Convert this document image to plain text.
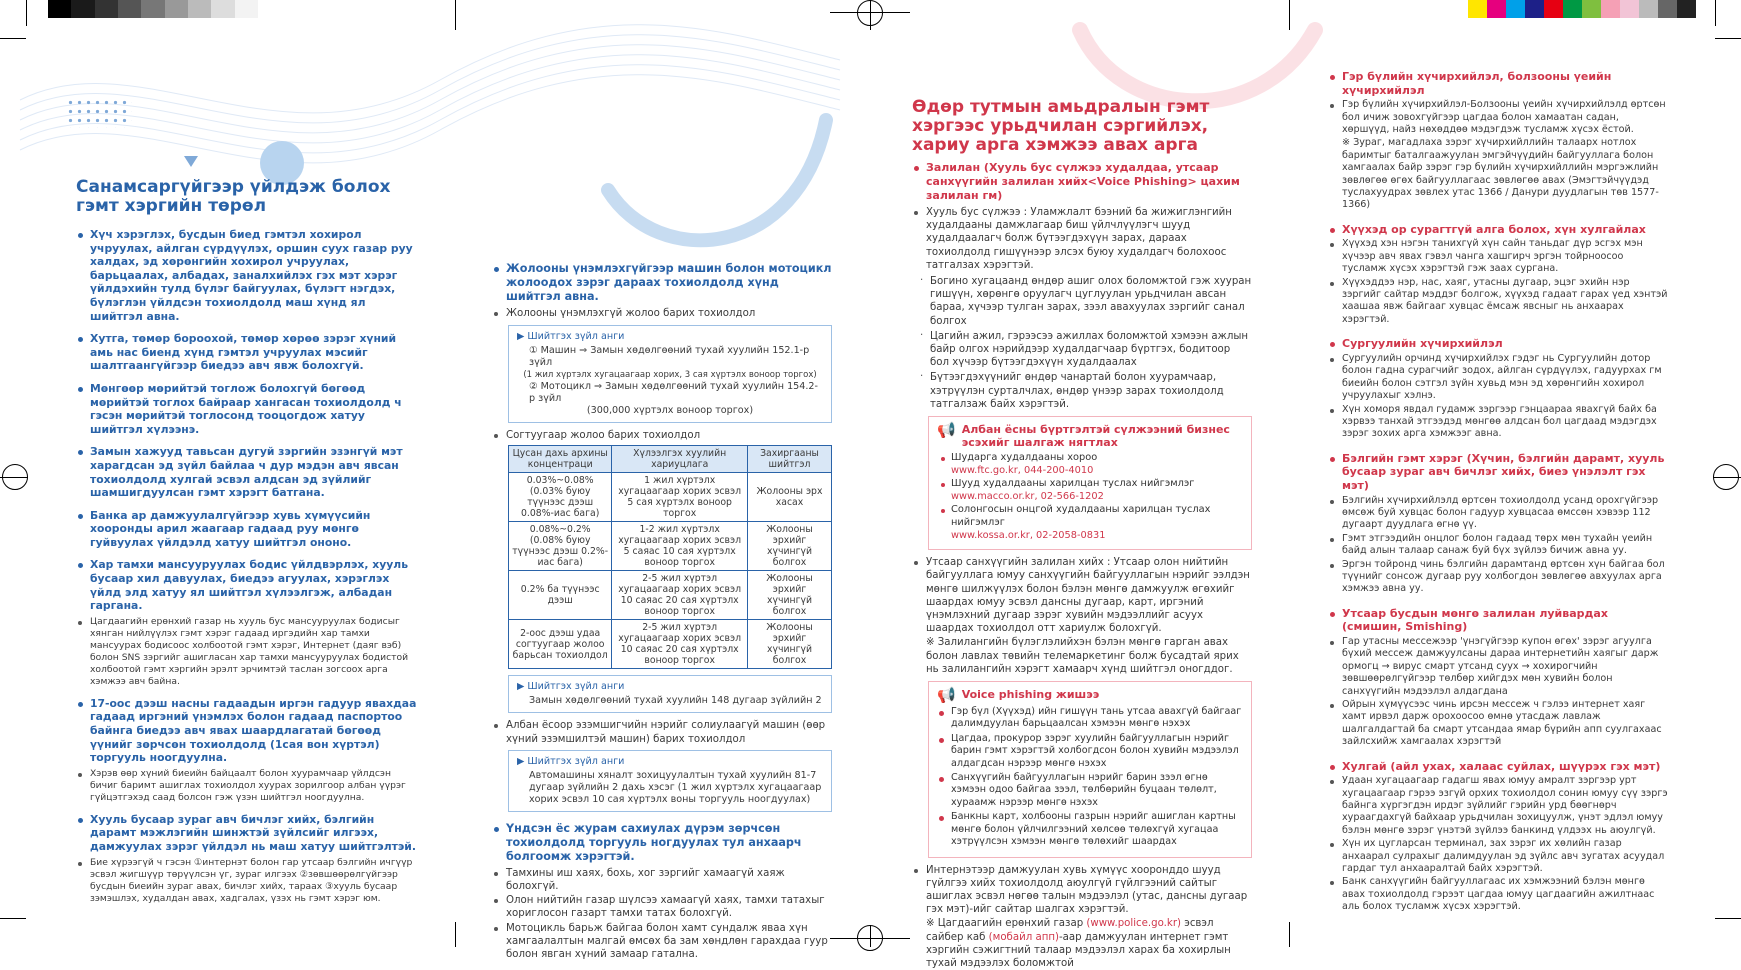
Санамсаргүйгээр үйлдэж болох гэмт хэргийн төрөл
Хүч хэрэглэх, бусдын биед гэмтэл хохирол учруулах, айлган сүрдүүлэх, оршин суух газар руу халдах, эд хөрөнгийн хохирол учруулах, барьцаалах, албадах, заналхийлэх гэх мэт хэрэг үйлдэхийн тулд бүлэг байгуулах, бүлэгт нэгдэх, бүлэглэн үйлдсэн тохиолдолд маш хүнд ял шийтгэл авна.
Хутга, төмөр бороохой, төмөр хөрөө зэрэг хүний амь нас биенд хүнд гэмтэл учруулах мэсийг шалтгаангүйгээр биедээ авч явж болохгүй.
Мөнгөөр мөрийтэй тоглож болохгүй бөгөөд мөрийтэй тоглох байраар хангасан тохиолдолд ч гэсэн мөрийтэй тоглосонд тооцогдож хатуу шийтгэл хүлээнэ.
Замын хажууд тавьсан дугуй зэргийн эзэнгүй мэт харагдсан эд зүйл байлаа ч дур мэдэн авч явсан тохиолдолд хулгай эсвэл алдсан эд зүйлийг шамшигдуулсан гэмт хэрэгт батгана.
Банка ар дамжуулалгүйгээр хувь хүмүүсийн хооронды арил жаагаар гадаад руу мөнгө гуйвуулах үйлдэлд хатуу шийтгэл ононо.
Хар тамхи мансууруулах бодис үйлдвэрлэх, хууль бусаар хил давуулах, биедээ агуулах, хэрэглэх үйлд элд хатуу ял шийтгэл хүлээлгэж, албадан гаргана.
Цагдаагийн ерөнхий газар нь хууль бус мансууруулах бодисыг хянган нийлүүлэх гэмт хэрэг гадаад иргэдийн хар тамхи мансуурах бодисоос холбоотой гэмт хэрэг, Интернет (даяг вэб) болон SNS зэргийг ашигласан хар тамхи мансууруулах бодистой холбоотой гэмт хэргийн эрэлт эрчимтэй таслан зогсоох арга хэмжээ авч байна.
17-оос дээш насны гадаадын иргэн гадуур явахдаа гадаад иргэний үнэмлэх болон гадаад паспортоо байнга биедээ авч явах шаардлагатай бөгөөд үүнийг зөрчсөн тохиолдолд (1сая вон хүртэл) торгууль ноогдуулна.
Хэрэв өөр хүний биеийн байцаалт болон хуурамчаар үйлдсэн бичиг баримт ашиглах тохиолдол хуурах зорилгоор албан үүрэг гүйцэтгэхэд саад болсон гэж үзэн шийтгэл ноогдуулна.
Хууль бусаар зураг авч бичлэг хийх, бэлгийн дарамт мэжлэгийн шинжтэй зүйлсийг илгээх, дамжуулах зэрэг үйлдэл нь маш хатуу шийтгэлтэй.
Бие хүрээгүй ч гэсэн ①интернэт болон гар утсаар бэлгийн ичгүүр эсвэл жигшүүр төрүүлсэн үг, зураг илгээх ②зөвшөөрөлгүйгээр бусдын биеийн зураг авах, бичлэг хийх, тараах ③хууль бусаар зэмэшлэх, худалдан авах, хадгалах, үзэх нь гэмт хэрэг юм.
Жолооны үнэмлэхгүйгээр машин болон мотоцикл жолоодох зэрэг дараах тохиолдолд хүнд шийтгэл авна.
Жолооны үнэмлэхгүй жолоо барих тохиолдол
▶ Шийтгэх зүйл анги
① Машин ⇒ Замын хөдөлгөөний тухай хуулийн 152.1-р зүйл
(1 жил хүртэлх хугацаагаар хорих, 3 сая хүртэлх вонoор торгох)
② Мотоцикл ⇒ Замын хөдөлгөөний тухай хуулийн 154.2-р зүйл
(300,000 хүртэлх воноор торгох)
Согтуугаар жолоо барих тохиолдол
Цусан дахь архины концентраци	Хүлээлгэх хуулийн хариуцлага	Захиргааны шийтгэл
0.03%~0.08% (0.03% буюу түүнээс дээш 0.08%-иас бага)	1 жил хүртэлх хугацаагаар хорих эсвэл 5 сая хүртэлх воноор торгох	Жолооны эрх хасах
0.08%~0.2% (0.08% буюу түүнээс дээш 0.2%-иас бага)	1-2 жил хүртэлх хугацаагаар хорих эсвэл 5 саяас 10 сая хүртэлх воноор торгох	Жолооны эрхийг хүчингүй болгох
0.2% ба түүнээс дээш	2-5 жил хүртэл хугацаагаар хорих эсвэл 10 саяас 20 сая хүртэлх воноор торгох	Жолооны эрхийг хүчингүй болгох
2-оос дээш удаа согтуугаар жолоо барьсан тохиолдол	2-5 жил хүртэл хугацаагаар хорих эсвэл 10 саяас 20 сая хүртэлх воноор торгох	Жолооны эрхийг хүчингүй болгох
▶ Шийтгэх зүйл анги
Замын хөдөлгөөний тухай хуулийн 148 дугаар зүйлийн 2
Албан ёсоор эзэмшигчийн нэрийг солиулаагүй машин (өөр хүний эзэмшилтэй машин) барих тохиолдол
▶ Шийтгэх зүйл анги
Автомашины хяналт зохицуулалтын тухай хуулийн 81-7 дугаар зүйлийн 2 дахь хэсэг (1 жил хүртэлх хугацаагаар хорих эсвэл 10 сая хүртэлх воны торгууль ноогдуулах)
Үндсэн ёс журам сахиулах дүрэм зөрчсөн тохиолдолд торгууль ногдуулах тул анхаарч болгоомж хэрэгтэй.
Тамхины иш хаях, бохь, хог зэргийг хамаагүй хаяж болохгүй.
Олон нийтийн газар шүлсээ хамаагүй хаях, тамхи татахыг хориглосон газарт тамхи татах болохгүй.
Мотоцикль барьж байгаа болон хамт сундалж яваа хүн хамгаалалтын малгай өмсөх ба зам хөндлөн гарахдаа гуур болон явган хүний замаар гатална.
Өдөр тутмын амьдралын гэмт хэргээс урьдчилан сэргийлэх, хариу арга хэмжээ авах арга
Залилан (Хууль бус сүлжээ худалдаа, утсаар санхүүгийн залилан хийх<Voice Phishing> цахим залилан гм)
Хууль бус сүлжээ : Уламжлалт бээний ба жижиглэнгийн худалдааны дамжлагаар биш үйлчлүүлэгч шууд худалдаалагч болж бүтээгдэхүүн зарах, дараах тохиолдолд гишүүнээр элсэх буюу худалдагч болохоос татгалзах хэрэгтэй.
· Богино хугацаанд өндөр ашиг олох боломжтой гэж хууран гишүүн, хөрөнгө оруулагч цуглуулан урьдчилан авсан бараа, хүчээр тулган зарах, зээл авахуулах зэргийг санал болгох
· Цагийн ажил, гэрээсээ ажиллах боломжтой хэмээн ажлын байр олгох нэрийдээр худалдагчаар бүртгэх, бодитоор бол хүчээр бүтээгдэхүүн худалдаалах
· Бүтээгдэхүүнийг өндөр чанартай болон хуурамчаар, хэтрүүлэн сурталчлах, өндөр үнээр зарах тохиолдолд татгалзаж байх хэрэгтэй.
📢 Албан ёсны бүртгэлтэй сүлжээний бизнес эсэхийг шалгаж нягтлах
Шударга худалдааны хороо
www.ftc.go.kr, 044-200-4010
Шууд худалдааны харилцан туслах нийгэмлэг
www.macco.or.kr, 02-566-1202
Солонгосын онцгой худалдааны харилцан туслах нийгэмлэг
www.kossa.or.kr, 02-2058-0831
Утсаар санхүүгийн залилан хийх : Утсаар олон нийтийн байгууллага юмуу санхүүгийн байгууллагын нэрийг ээлдэн мөнгө шилжүүлэх болон бэлэн мөнгө дамжуулж өгөхийг шаардах юмуу эсвэл дансны дугаар, карт, иргэний үнэмлэхний дугаар зэрэг хувийн мэдээллийг асуух шаардах тохиолдол отт хариулж болохгүй.
※ Залилангийн бүлэглэлийхэн бэлэн мөнгө гарган авах болон лавлах төвийн телемаркетинг болж бусадтай ярих нь залилангийн хэрэгт хамаарч хүнд шийтгэл оногддог.
📢 Voice phishing жишээ
Гэр бүл (Хүүхэд) ийн гишүүн тань утсаа авахгүй байгааг далимдуулан барьцаалсан хэмээн мөнгө нэхэх
Цагдаа, прокурор зэрэг хуулийн байгууллагын нэрийг барин гэмт хэрэгтэй холбогдсон болон хувийн мэдээлэл алдагдсан нэрээр мөнгө нэхэх
Санхүүгийн байгууллагын нэрийг барин зээл өгнө хэмээн одоо байгаа зээл, төлбөрийн буцаан төлөлт, хураамж нэрээр мөнгө нэхэх
Банкны карт, холбооны газрын нэрийг ашиглан картны мөнгө болон үйлчилгээний хөлсөө төлөхгүй хугацаа хэтрүүлсэн хэмээн мөнгө төлөхийг шаардах
Интернэтээр дамжуулан хувь хүмүүс хооронддо шууд гүйлгээ хийх тохиолдолд аюулгүй гүйлгээний сайтыг ашиглах эсвэл нөгөө талын мэдээлэл (утас, дансны дугаар гэх мэт)-ийг сайтар шалгах хэрэгтэй.
※ Цагдаагийн ерөнхий газар (www.police.go.kr) эсвэл сайбер каб (мобайл апп)-аар дамжуулан интернет гэмт хэргийн сэжигтний талаар мэдээлэл харах ба хохирлын тухай мэдээлэх боломжтой
Гэр бүлийн хүчирхийлэл, болзооны үеийн хүчирхийлэл
Гэр бүлийн хүчирхийлэл-Болзооны үеийн хүчирхийлэлд өртсөн бол ичиж зовохгүйгээр цагдаа болон хамаатан садан, хөршүүд, найз нөхөддөө мэдэгдэж тусламж хүсэх ёстой.
※ Зураг, магадлаха зэрэг хүчирхийллийн талаарх нотлох баримтыг баталгаажуулан эмгэйчүүдийн байгууллага болон хамгаалах байр зэрэг гэр бүлийн хүчирхийллийн мэргэжлийн зөвлөгөө өгөх байгууллагаас зөвлөгөө авах (Эмэгтэйчүүдэд туслахуудрах зөвлех утас 1366 / Данури дуудлагын төв 1577-1366)
Хүүхэд ор сурагтгүй алга болох, хүн хулгайлах
Хүүхэд хэн нэгэн танихгүй хүн сайн таньдаг дүр эсгэх мэн хүчээр авч явах гэвэл чанга хашгирч эргэн тойрноосоо тусламж хүсэх хэрэгтэй гэж заах сургана.
Хүүхэддээ нэр, нас, хаяг, утасны дугаар, эцэг эхийн нэр зэргийг сайтар мэддэг болгож, хүүхэд гадаат гарах үед хэнтэй хаашаа явж байгааг хувцас ёмсаж явсныг нь анхаарах хэрэгтэй.
Сургуулийн хүчирхийлэл
Сургуулийн орчинд хүчирхийлэх гэдэг нь Сургуулийн дотор болон гадна сурагчийг зодох, айлган сүрдүүлэх, гадуурхах гм биеийн болон сэтгэл зүйн хувьд мэн эд хөрөнгийн хохирол учруулахыг хэлнэ.
Хүн хоморя явдал гудамж зэргээр гэнцаараа явахгүй байх ба хэрвээ танхай этгээдэд мөнгөө алдсан бол цагдаад мэдэгдэх зэрэг зохих арга хэмжээг авна.
Бэлгийн гэмт хэрэг (Хүчин, бэлгийн дарамт, хууль бусаар зураг авч бичлэг хийх, биеэ үнэлэлт гэх мэт)
Бэлгийн хүчирхийлэлд өртсөн тохиолдолд усанд орохгүйгээр өмсөж буй хувцас болон гадуур хувцасаа өмссөн хэвээр 112 дугаарт дуудлага өгнө үү.
Гэмт этгээдийн онцлог болон гадаад төрх мөн тухайн үеийн байд алын талаар санаж буй бүх зүйлээ бичиж авна уу.
Эргэн тойронд чинь бэлгийн дарамтанд өртсөн хүн байгаа бол түүнийг сонсож дугаар руу холбогдон зөвлөгөө авхуулах арга хэмжээ авна уу.
Утсаар бусдын мөнгө залилан луйвардах (смишин, Smishing)
Гар утасны мессежээр 'үнэгүйгээр купон өгөх' зэрэг агуулга бүхий мессеж дамжуулсаны дараа интернетийн хаягыг дарж ормогц → вирус смарт утсанд суух → хохирогчийн зөвшөөрөлгүйгээр төлбөр хийгдэх мөн хувийн болон санхүүгийн мэдээлэл алдагдана
Ойрын хүмүүсээс чинь ирсэн мессеж ч гэлээ интернет хаяг хамт ирвэл дарж орохоосоо өмнө утасдаж лавлаж шалгалдагтай ба смарт утсандаа ямар бүрийн апп суулгахаас зайлсхийж хамгаалах хэрэгтэй
Хулгай (айл ухах, халаас суйлах, шүүрэх гэх мэт)
Удаан хугацаагаар гадагш явах юмуу амралт зэргээр урт хугацаагаар гэрээ эзгүй орхих тохиолдол сонин юмуу сүү зэргэ байнга хүргэгдэн ирдэг зүйлийг гэрийн урд бөөгнөрч хураагдахгүй байхаар урьдчилан зохицуулж, үнэт эдлэл юмуу бэлэн мөнгө зэрэг үнэтэй зүйлээ банкинд үлдээх нь аюулгүй.
Хүн их цугларсан терминал, зах зэрэг их хөлийн газар анхаарал сулрахыг далимдуулан эд зүйлс авч зугатах асуудал гардаг тул анхааралтай байх хэрэгтэй.
Банк санхүүгийн байгууллагаас их хэмжээний бэлэн мөнгө авах тохиолдолд гэрээт цагдаа юмуу цагдаагийн ажилтнаас аль болох тусламж хүсэх хэрэгтэй.
